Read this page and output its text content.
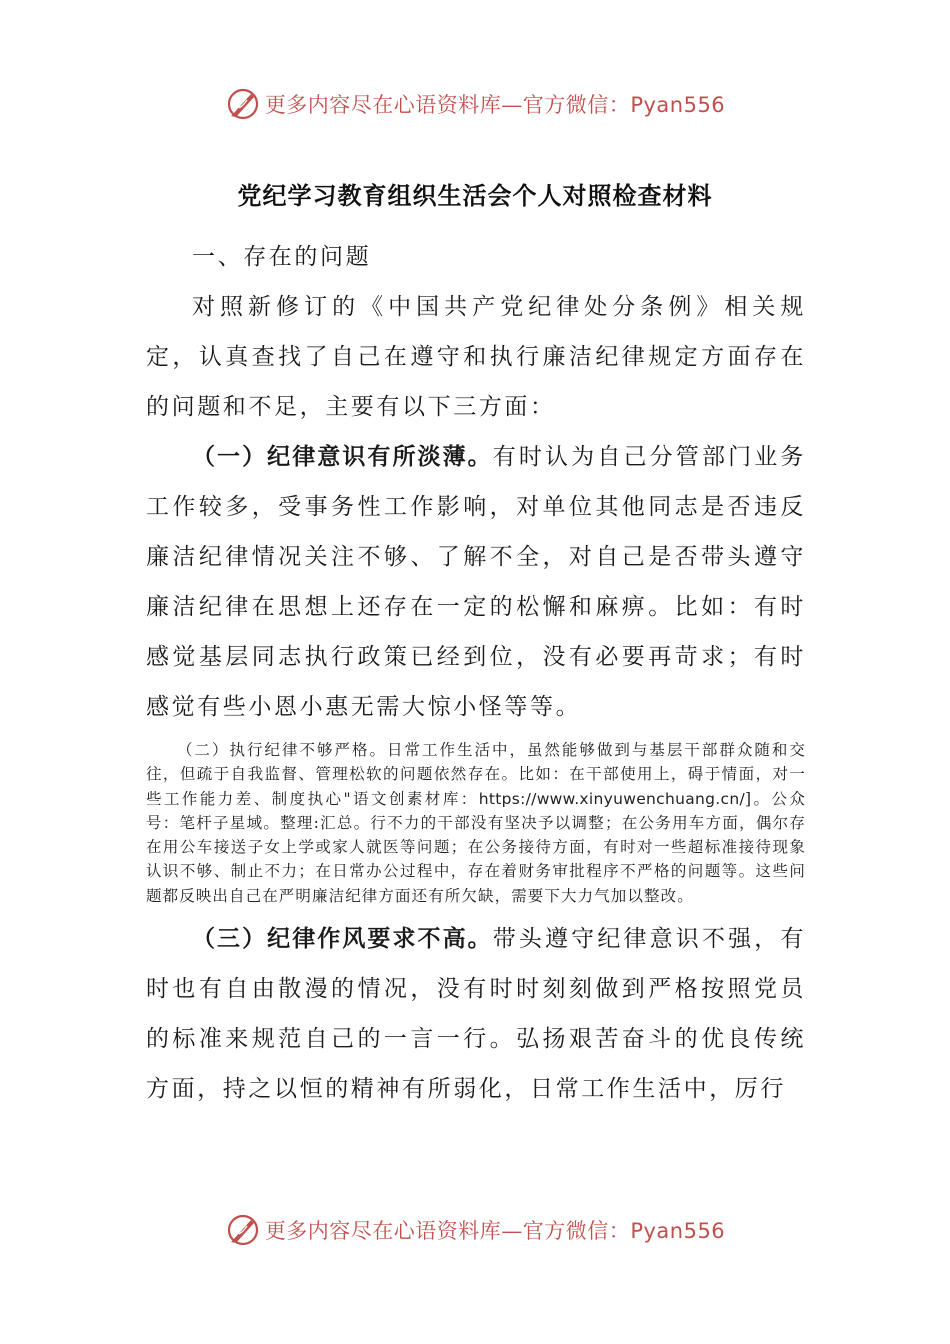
更多内容尽在心语资料库—官方微信：Pyan556
党纪学习教育组织生活会个人对照检查材料

一、存在的问题

对照新修订的《中国共产党纪律处分条例》相关规定，认真查找了自己在遵守和执行廉洁纪律规定方面存在的问题和不足，主要有以下三方面：

（一）纪律意识有所淡薄。有时认为自己分管部门业务工作较多，受事务性工作影响，对单位其他同志是否违反廉洁纪律情况关注不够、了解不全，对自己是否带头遵守廉洁纪律在思想上还存在一定的松懈和麻痹。比如：有时感觉基层同志执行政策已经到位，没有必要再苛求；有时感觉有些小恩小惠无需大惊小怪等等。

（二）执行纪律不够严格。日常工作生活中，虽然能够做到与基层干部群众随和交往，但疏于自我监督、管理松软的问题依然存在。比如：在干部使用上，碍于情面，对一些工作能力差、制度执心"语文创素材库：https://www.xinyuwenchuang.cn/]。公众号：笔杆子星域。整理:汇总。行不力的干部没有坚决予以调整；在公务用车方面，偶尔存在用公车接送子女上学或家人就医等问题；在公务接待方面，有时对一些超标准接待现象认识不够、制止不力；在日常办公过程中，存在着财务审批程序不严格的问题等。这些问题都反映出自己在严明廉洁纪律方面还有所欠缺，需要下大力气加以整改。

（三）纪律作风要求不高。带头遵守纪律意识不强，有时也有自由散漫的情况，没有时时刻刻做到严格按照党员的标准来规范自己的一言一行。弘扬艰苦奋斗的优良传统方面，持之以恒的精神有所弱化，日常工作生活中，厉行

更多内容尽在心语资料库—官方微信：Pyan556
